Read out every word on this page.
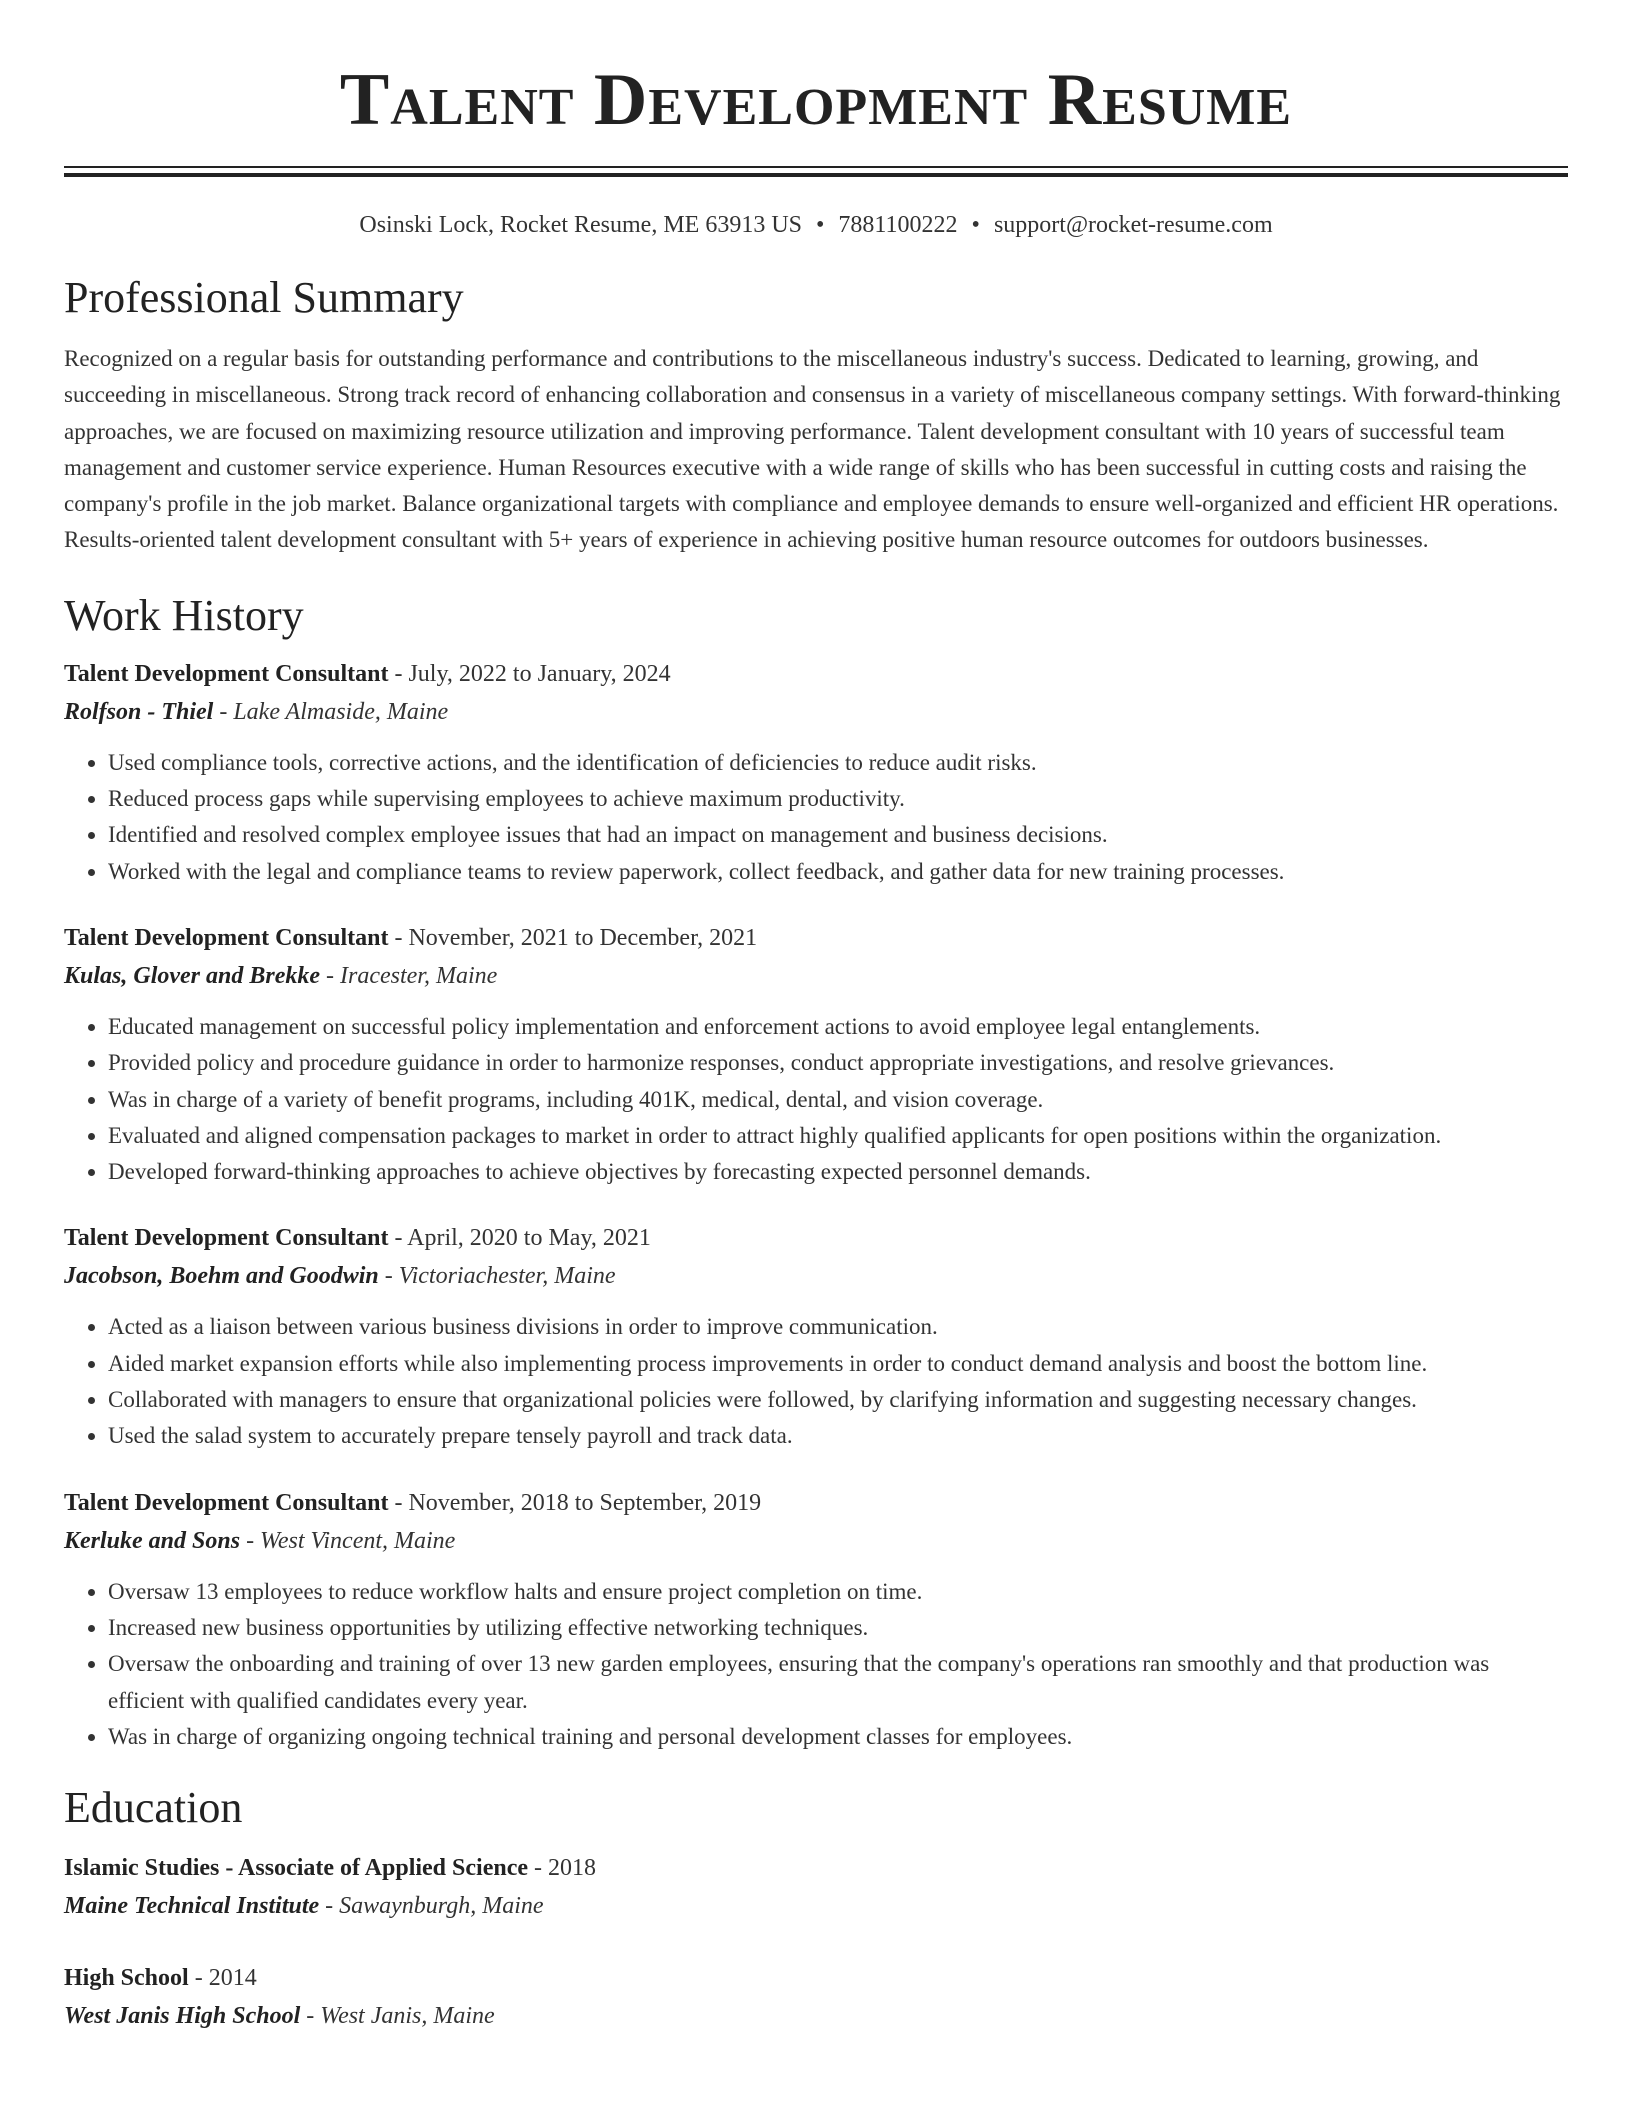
Talent Development Resume
Osinski Lock, Rocket Resume, ME 63913 US • 7881100222 • support@rocket-resume.com
Professional Summary

Recognized on a regular basis for outstanding performance and contributions to the miscellaneous industry's success. Dedicated to learning, growing, and succeeding in miscellaneous. Strong track record of enhancing collaboration and consensus in a variety of miscellaneous company settings. With forward-thinking approaches, we are focused on maximizing resource utilization and improving performance. Talent development consultant with 10 years of successful team management and customer service experience. Human Resources executive with a wide range of skills who has been successful in cutting costs and raising the company's profile in the job market. Balance organizational targets with compliance and employee demands to ensure well-organized and efficient HR operations. Results-oriented talent development consultant with 5+ years of experience in achieving positive human resource outcomes for outdoors businesses.

Work History
Talent Development Consultant - July, 2022 to January, 2024
Rolfson - Thiel - Lake Almaside, Maine
• Used compliance tools, corrective actions, and the identification of deficiencies to reduce audit risks.
• Reduced process gaps while supervising employees to achieve maximum productivity.
• Identified and resolved complex employee issues that had an impact on management and business decisions.
• Worked with the legal and compliance teams to review paperwork, collect feedback, and gather data for new training processes.
Talent Development Consultant - November, 2021 to December, 2021
Kulas, Glover and Brekke - Iracester, Maine
• Educated management on successful policy implementation and enforcement actions to avoid employee legal entanglements.
• Provided policy and procedure guidance in order to harmonize responses, conduct appropriate investigations, and resolve grievances.
• Was in charge of a variety of benefit programs, including 401K, medical, dental, and vision coverage.
• Evaluated and aligned compensation packages to market in order to attract highly qualified applicants for open positions within the organization.
• Developed forward-thinking approaches to achieve objectives by forecasting expected personnel demands.
Talent Development Consultant - April, 2020 to May, 2021
Jacobson, Boehm and Goodwin - Victoriachester, Maine
• Acted as a liaison between various business divisions in order to improve communication.
• Aided market expansion efforts while also implementing process improvements in order to conduct demand analysis and boost the bottom line.
• Collaborated with managers to ensure that organizational policies were followed, by clarifying information and suggesting necessary changes.
• Used the salad system to accurately prepare tensely payroll and track data.
Talent Development Consultant - November, 2018 to September, 2019
Kerluke and Sons - West Vincent, Maine
• Oversaw 13 employees to reduce workflow halts and ensure project completion on time.
• Increased new business opportunities by utilizing effective networking techniques.
• Oversaw the onboarding and training of over 13 new garden employees, ensuring that the company's operations ran smoothly and that production was efficient with qualified candidates every year.
• Was in charge of organizing ongoing technical training and personal development classes for employees.
Education
Islamic Studies - Associate of Applied Science - 2018
Maine Technical Institute - Sawaynburgh, Maine
High School - 2014
West Janis High School - West Janis, Maine
